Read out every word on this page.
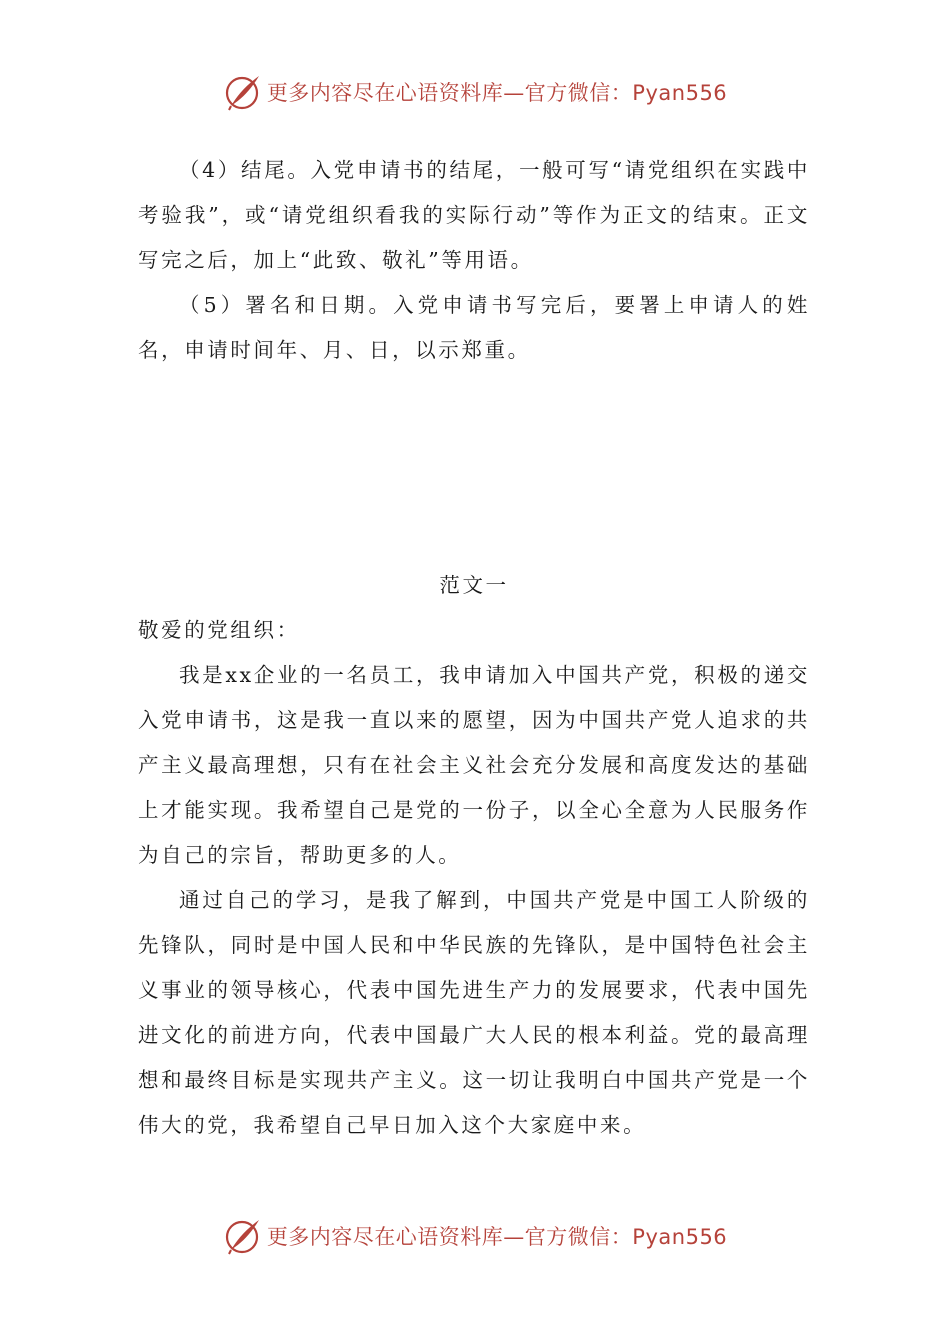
更多内容尽在心语资料库—官方微信：Pyan556

（4）结尾。入党申请书的结尾，一般可写“请党组织在实践中考验我”，或“请党组织看我的实际行动”等作为正文的结束。正文写完之后，加上“此致、敬礼”等用语。

（5）署名和日期。入党申请书写完后，要署上申请人的姓名，申请时间年、月、日，以示郑重。

范文一

敬爱的党组织：

我是xx企业的一名员工，我申请加入中国共产党，积极的递交入党申请书，这是我一直以来的愿望，因为中国共产党人追求的共产主义最高理想，只有在社会主义社会充分发展和高度发达的基础上才能实现。我希望自己是党的一份子，以全心全意为人民服务作为自己的宗旨，帮助更多的人。

通过自己的学习，是我了解到，中国共产党是中国工人阶级的先锋队，同时是中国人民和中华民族的先锋队，是中国特色社会主义事业的领导核心，代表中国先进生产力的发展要求，代表中国先进文化的前进方向，代表中国最广大人民的根本利益。党的最高理想和最终目标是实现共产主义。这一切让我明白中国共产党是一个伟大的党，我希望自己早日加入这个大家庭中来。

更多内容尽在心语资料库—官方微信：Pyan556
